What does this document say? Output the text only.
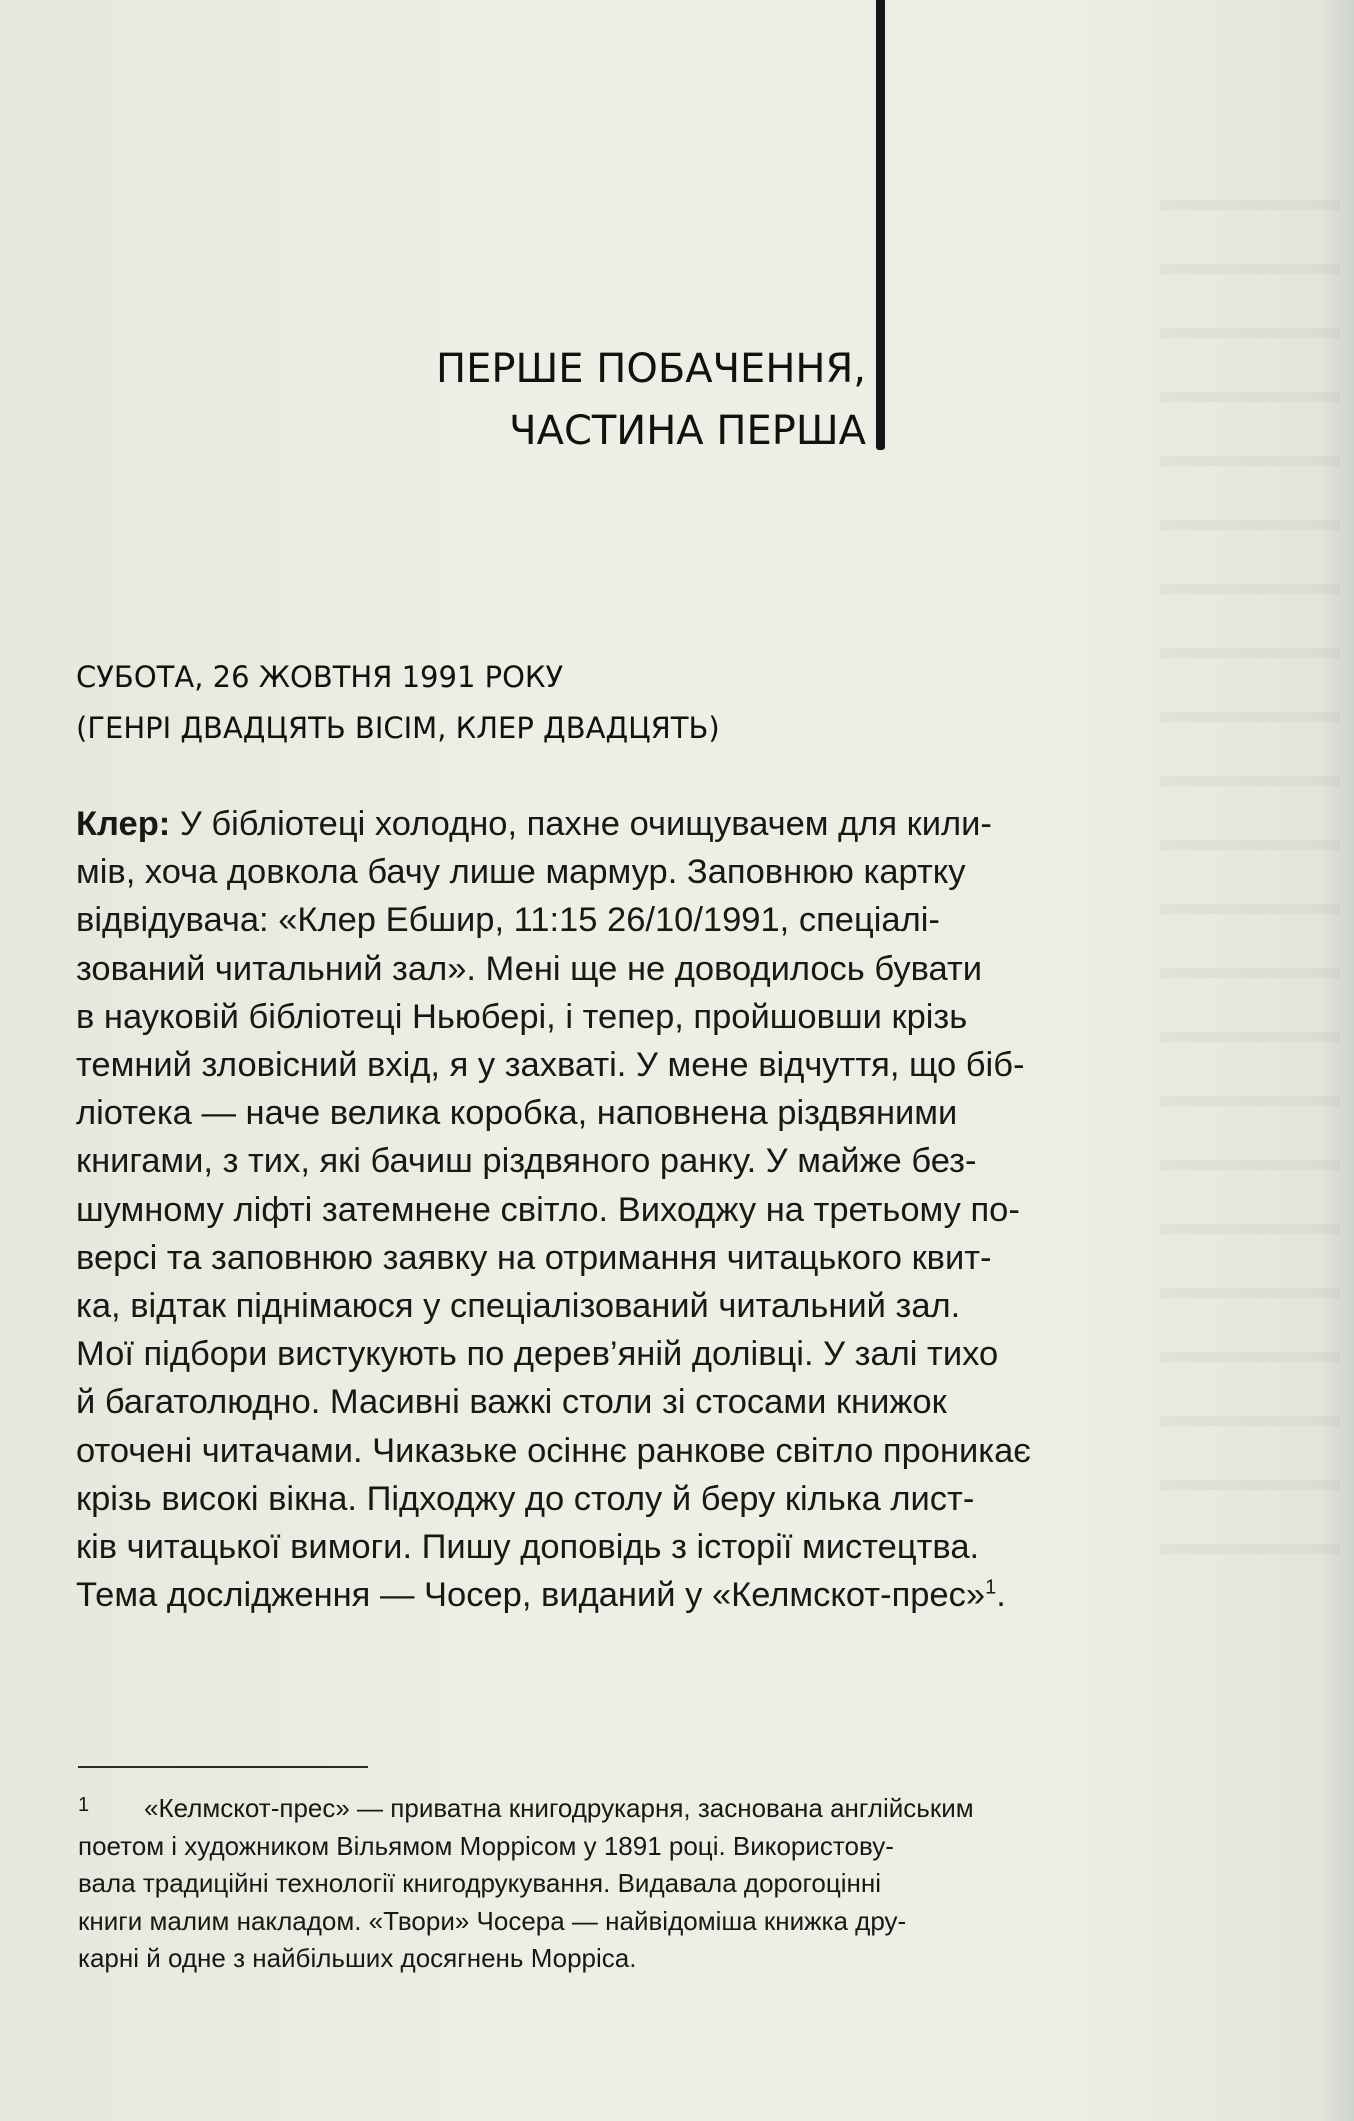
ПЕРШЕ ПОБАЧЕННЯ,
ЧАСТИНА ПЕРША
СУБОТА, 26 ЖОВТНЯ 1991 РОКУ
(ГЕНРІ ДВАДЦЯТЬ ВІСІМ, КЛЕР ДВАДЦЯТЬ)
Клер: У бібліотеці холодно, пахне очищувачем для кили-
мів, хоча довкола бачу лише мармур. Заповнюю картку
відвідувача: «Клер Ебшир, 11:15 26/10/1991, спеціалі-
зований читальний зал». Мені ще не доводилось бувати
в науковій бібліотеці Ньюбері, і тепер, пройшовши крізь
темний зловісний вхід, я у захваті. У мене відчуття, що біб-
ліотека — наче велика коробка, наповнена різдвяними
книгами, з тих, які бачиш різдвяного ранку. У майже без-
шумному ліфті затемнене світло. Виходжу на третьому по-
версі та заповнюю заявку на отримання читацького квит-
ка, відтак піднімаюся у спеціалізований читальний зал.
Мої підбори вистукують по дерев’яній долівці. У залі тихо
й багатолюдно. Масивні важкі столи зі стосами книжок
оточені читачами. Чиказьке осіннє ранкове світло проникає
крізь високі вікна. Підходжу до столу й беру кілька лист-
ків читацької вимоги. Пишу доповідь з історії мистецтва.
Тема дослідження — Чосер, виданий у «Келмскот-прес»$^1$.
1 «Келмскот-прес» — приватна книгодрукарня, заснована англійським
поетом і художником Вільямом Моррісом у 1891 році. Використову-
вала традиційні технології книгодрукування. Видавала дорогоцінні
книги малим накладом. «Твори» Чосера — найвідоміша книжка дру-
карні й одне з найбільших досягнень Морріса.
